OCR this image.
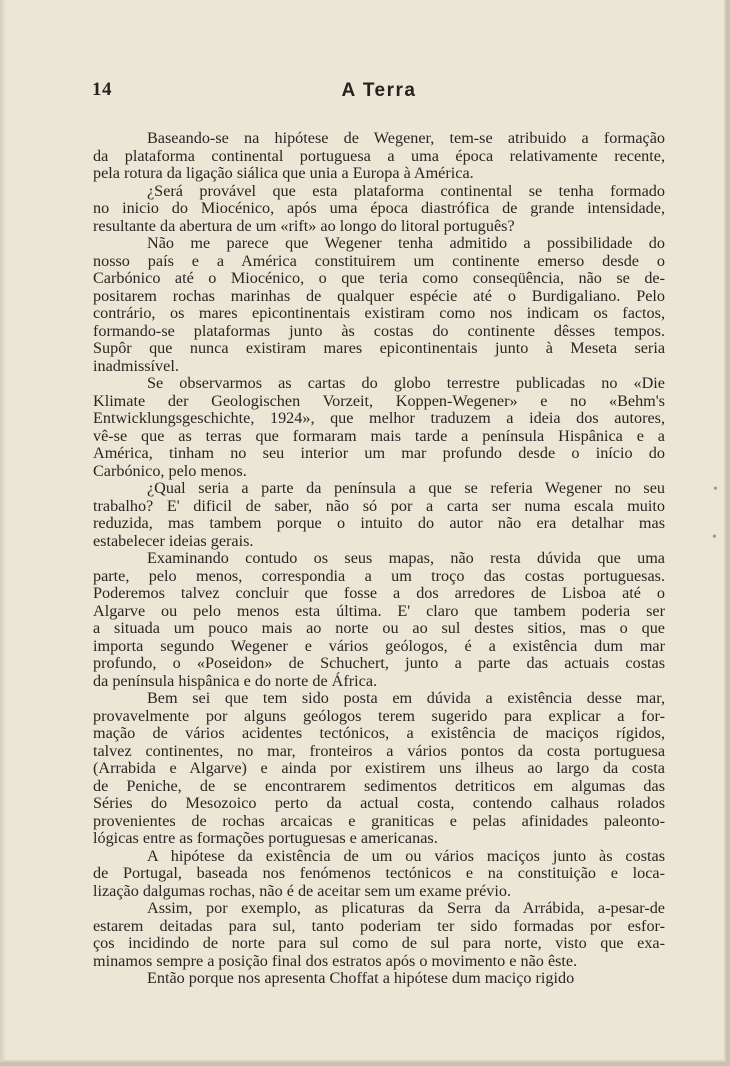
14	A Terra
Baseando-se na hipótese de Wegener, tem-se atribuido a formação
da plataforma continental portuguesa a uma época relativamente recente,
pela rotura da ligação siálica que unia a Europa à América.
¿Será provável que esta plataforma continental se tenha formado
no inicio do Miocénico, após uma época diastrófica de grande intensidade,
resultante da abertura de um «rift» ao longo do litoral português?
Não me parece que Wegener tenha admitido a possibilidade do
nosso país e a América constituirem um continente emerso desde o
Carbónico até o Miocénico, o que teria como conseqüência, não se de-
positarem rochas marinhas de qualquer espécie até o Burdigaliano. Pelo
contrário, os mares epicontinentais existiram como nos indicam os factos,
formando-se plataformas junto às costas do continente dêsses tempos.
Supôr que nunca existiram mares epicontinentais junto à Meseta seria
inadmissível.
Se observarmos as cartas do globo terrestre publicadas no «Die
Klimate der Geologischen Vorzeit, Koppen-Wegener» e no «Behm's
Entwicklungsgeschichte, 1924», que melhor traduzem a ideia dos autores,
vê-se que as terras que formaram mais tarde a península Hispânica e a
América, tinham no seu interior um mar profundo desde o início do
Carbónico, pelo menos.
¿Qual seria a parte da península a que se referia Wegener no seu
trabalho? E' dificil de saber, não só por a carta ser numa escala muito
reduzida, mas tambem porque o intuito do autor não era detalhar mas
estabelecer ideias gerais.
Examinando contudo os seus mapas, não resta dúvida que uma
parte, pelo menos, correspondia a um troço das costas portuguesas.
Poderemos talvez concluir que fosse a dos arredores de Lisboa até o
Algarve ou pelo menos esta última. E' claro que tambem poderia ser
a situada um pouco mais ao norte ou ao sul destes sitios, mas o que
importa segundo Wegener e vários geólogos, é a existência dum mar
profundo, o «Poseidon» de Schuchert, junto a parte das actuais costas
da península hispânica e do norte de África.
Bem sei que tem sido posta em dúvida a existência desse mar,
provavelmente por alguns geólogos terem sugerido para explicar a for-
mação de vários acidentes tectónicos, a existência de maciços rígidos,
talvez continentes, no mar, fronteiros a vários pontos da costa portuguesa
(Arrabida e Algarve) e ainda por existirem uns ilheus ao largo da costa
de Peniche, de se encontrarem sedimentos detriticos em algumas das
Séries do Mesozoico perto da actual costa, contendo calhaus rolados
provenientes de rochas arcaicas e graniticas e pelas afinidades paleonto-
lógicas entre as formações portuguesas e americanas.
A hipótese da existência de um ou vários maciços junto às costas
de Portugal, baseada nos fenómenos tectónicos e na constituição e loca-
lização dalgumas rochas, não é de aceitar sem um exame prévio.
Assim, por exemplo, as plicaturas da Serra da Arrábida, a-pesar-de
estarem deitadas para sul, tanto poderiam ter sido formadas por esfor-
ços incidindo de norte para sul como de sul para norte, visto que exa-
minamos sempre a posição final dos estratos após o movimento e não êste.
Então porque nos apresenta Choffat a hipótese dum maciço rigido
•
•
